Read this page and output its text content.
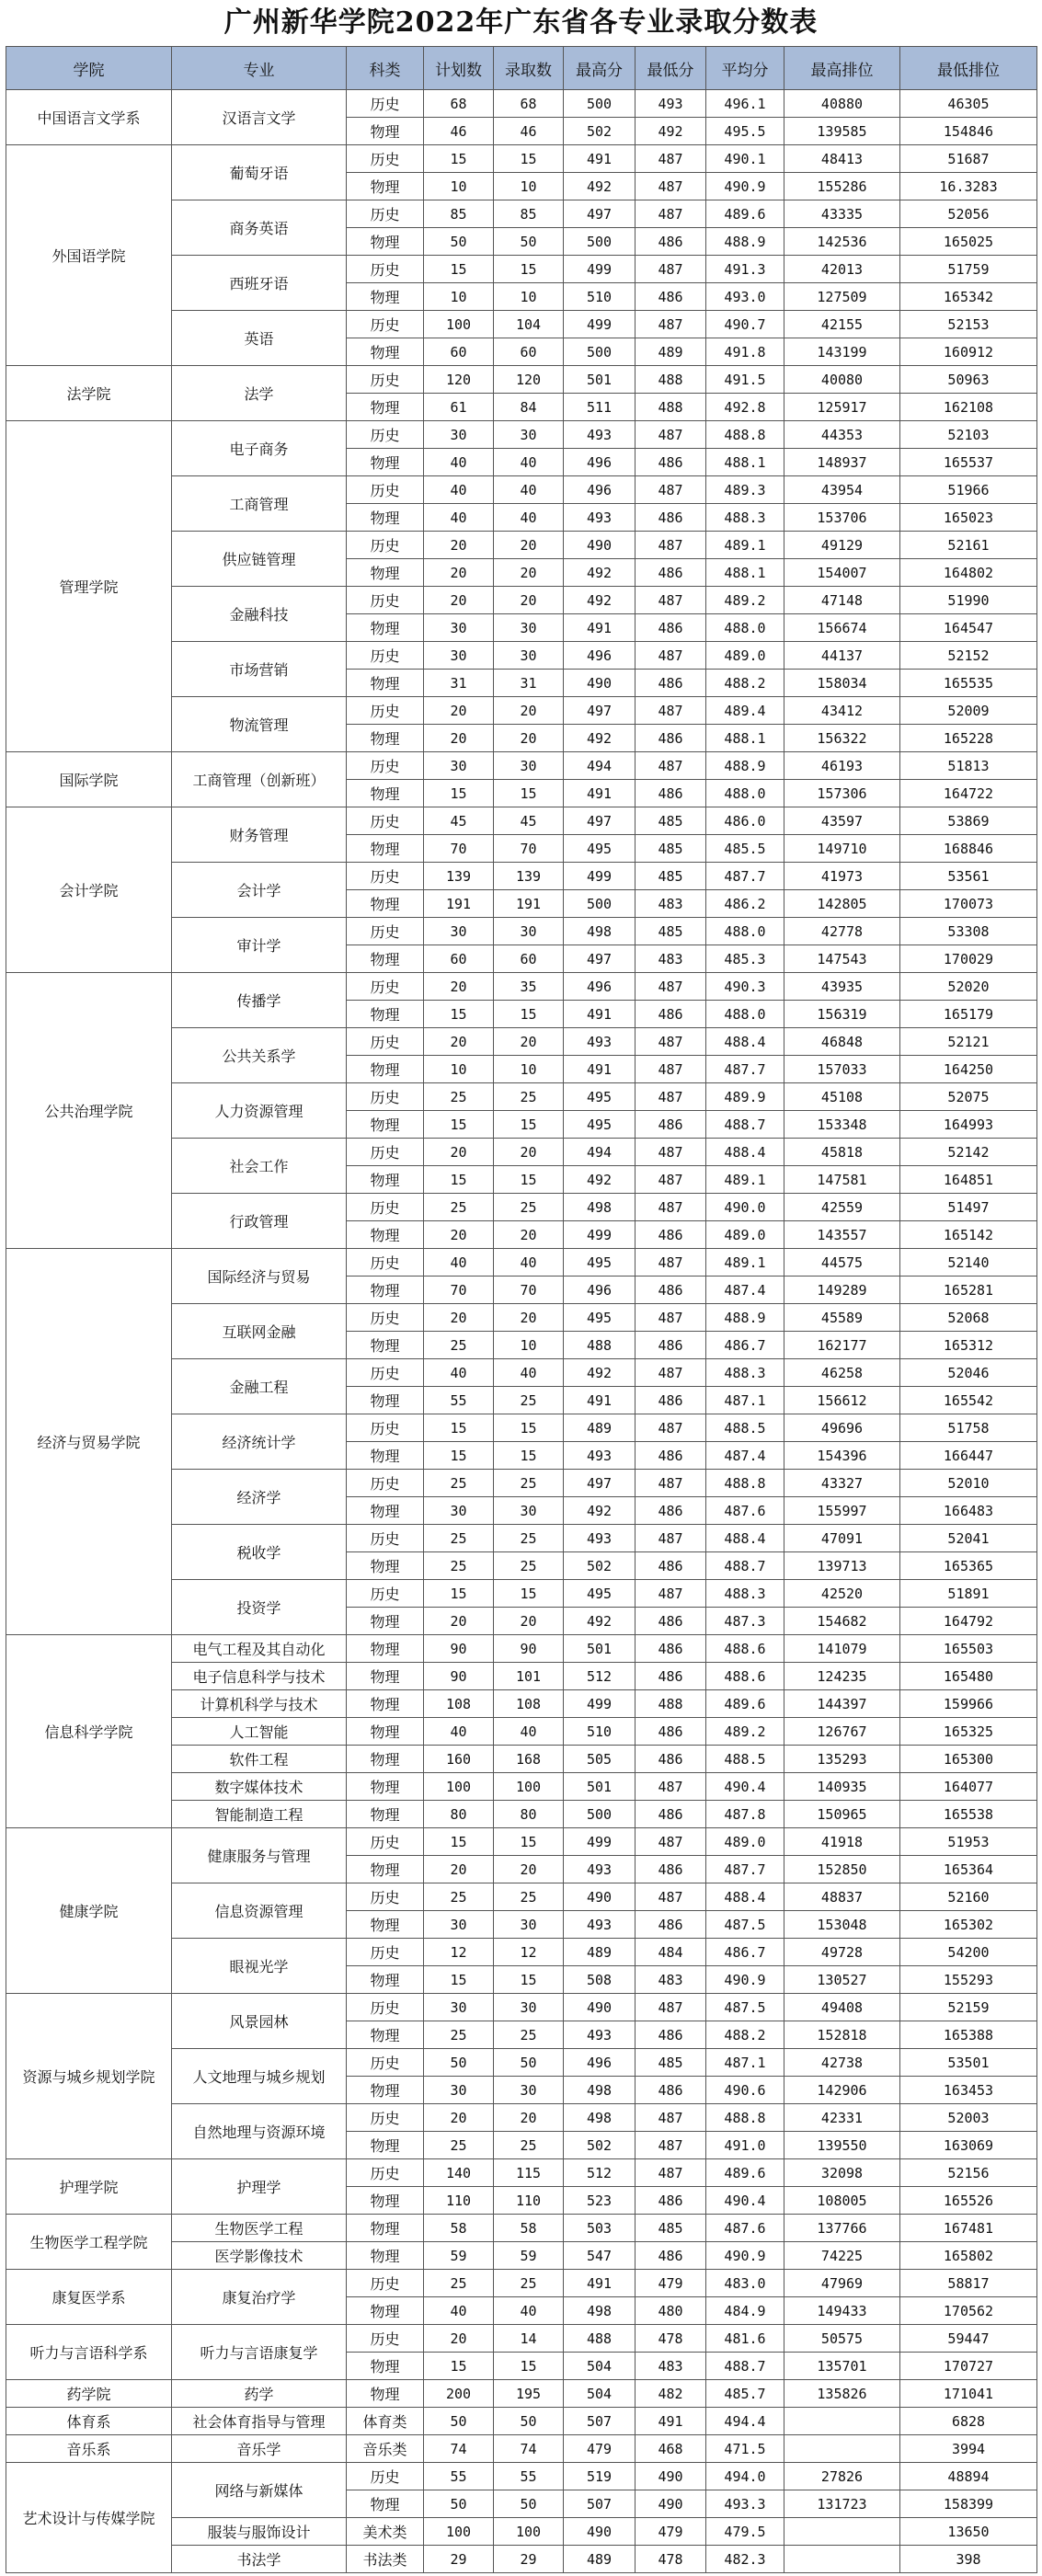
广州新华学院2022年广东省各专业录取分数表
学院	专业	科类	计划数	录取数	最高分	最低分	平均分	最高排位	最低排位
中国语言文学系	汉语言文学	历史	68	68	500	493	496.1	40880	46305
		物理	46	46	502	492	495.5	139585	154846
外国语学院	葡萄牙语	历史	15	15	491	487	490.1	48413	51687
		物理	10	10	492	487	490.9	155286	16.3283
	商务英语	历史	85	85	497	487	489.6	43335	52056
		物理	50	50	500	486	488.9	142536	165025
	西班牙语	历史	15	15	499	487	491.3	42013	51759
		物理	10	10	510	486	493.0	127509	165342
	英语	历史	100	104	499	487	490.7	42155	52153
		物理	60	60	500	489	491.8	143199	160912
法学院	法学	历史	120	120	501	488	491.5	40080	50963
		物理	61	84	511	488	492.8	125917	162108
管理学院	电子商务	历史	30	30	493	487	488.8	44353	52103
		物理	40	40	496	486	488.1	148937	165537
	工商管理	历史	40	40	496	487	489.3	43954	51966
		物理	40	40	493	486	488.3	153706	165023
	供应链管理	历史	20	20	490	487	489.1	49129	52161
		物理	20	20	492	486	488.1	154007	164802
	金融科技	历史	20	20	492	487	489.2	47148	51990
		物理	30	30	491	486	488.0	156674	164547
	市场营销	历史	30	30	496	487	489.0	44137	52152
		物理	31	31	490	486	488.2	158034	165535
	物流管理	历史	20	20	497	487	489.4	43412	52009
		物理	20	20	492	486	488.1	156322	165228
国际学院	工商管理（创新班）	历史	30	30	494	487	488.9	46193	51813
		物理	15	15	491	486	488.0	157306	164722
会计学院	财务管理	历史	45	45	497	485	486.0	43597	53869
		物理	70	70	495	485	485.5	149710	168846
	会计学	历史	139	139	499	485	487.7	41973	53561
		物理	191	191	500	483	486.2	142805	170073
	审计学	历史	30	30	498	485	488.0	42778	53308
		物理	60	60	497	483	485.3	147543	170029
公共治理学院	传播学	历史	20	35	496	487	490.3	43935	52020
		物理	15	15	491	486	488.0	156319	165179
	公共关系学	历史	20	20	493	487	488.4	46848	52121
		物理	10	10	491	487	487.7	157033	164250
	人力资源管理	历史	25	25	495	487	489.9	45108	52075
		物理	15	15	495	486	488.7	153348	164993
	社会工作	历史	20	20	494	487	488.4	45818	52142
		物理	15	15	492	487	489.1	147581	164851
	行政管理	历史	25	25	498	487	490.0	42559	51497
		物理	20	20	499	486	489.0	143557	165142
经济与贸易学院	国际经济与贸易	历史	40	40	495	487	489.1	44575	52140
		物理	70	70	496	486	487.4	149289	165281
	互联网金融	历史	20	20	495	487	488.9	45589	52068
		物理	25	10	488	486	486.7	162177	165312
	金融工程	历史	40	40	492	487	488.3	46258	52046
		物理	55	25	491	486	487.1	156612	165542
	经济统计学	历史	15	15	489	487	488.5	49696	51758
		物理	15	15	493	486	487.4	154396	166447
	经济学	历史	25	25	497	487	488.8	43327	52010
		物理	30	30	492	486	487.6	155997	166483
	税收学	历史	25	25	493	487	488.4	47091	52041
		物理	25	25	502	486	488.7	139713	165365
	投资学	历史	15	15	495	487	488.3	42520	51891
		物理	20	20	492	486	487.3	154682	164792
信息科学学院	电气工程及其自动化	物理	90	90	501	486	488.6	141079	165503
	电子信息科学与技术	物理	90	101	512	486	488.6	124235	165480
	计算机科学与技术	物理	108	108	499	488	489.6	144397	159966
	人工智能	物理	40	40	510	486	489.2	126767	165325
	软件工程	物理	160	168	505	486	488.5	135293	165300
	数字媒体技术	物理	100	100	501	487	490.4	140935	164077
	智能制造工程	物理	80	80	500	486	487.8	150965	165538
健康学院	健康服务与管理	历史	15	15	499	487	489.0	41918	51953
		物理	20	20	493	486	487.7	152850	165364
	信息资源管理	历史	25	25	490	487	488.4	48837	52160
		物理	30	30	493	486	487.5	153048	165302
	眼视光学	历史	12	12	489	484	486.7	49728	54200
		物理	15	15	508	483	490.9	130527	155293
资源与城乡规划学院	风景园林	历史	30	30	490	487	487.5	49408	52159
		物理	25	25	493	486	488.2	152818	165388
	人文地理与城乡规划	历史	50	50	496	485	487.1	42738	53501
		物理	30	30	498	486	490.6	142906	163453
	自然地理与资源环境	历史	20	20	498	487	488.8	42331	52003
		物理	25	25	502	487	491.0	139550	163069
护理学院	护理学	历史	140	115	512	487	489.6	32098	52156
		物理	110	110	523	486	490.4	108005	165526
生物医学工程学院	生物医学工程	物理	58	58	503	485	487.6	137766	167481
	医学影像技术	物理	59	59	547	486	490.9	74225	165802
康复医学系	康复治疗学	历史	25	25	491	479	483.0	47969	58817
		物理	40	40	498	480	484.9	149433	170562
听力与言语科学系	听力与言语康复学	历史	20	14	488	478	481.6	50575	59447
		物理	15	15	504	483	488.7	135701	170727
药学院	药学	物理	200	195	504	482	485.7	135826	171041
体育系	社会体育指导与管理	体育类	50	50	507	491	494.4		6828
音乐系	音乐学	音乐类	74	74	479	468	471.5		3994
艺术设计与传媒学院	网络与新媒体	历史	55	55	519	490	494.0	27826	48894
		物理	50	50	507	490	493.3	131723	158399
	服装与服饰设计	美术类	100	100	490	479	479.5		13650
	书法学	书法类	29	29	489	478	482.3		398
